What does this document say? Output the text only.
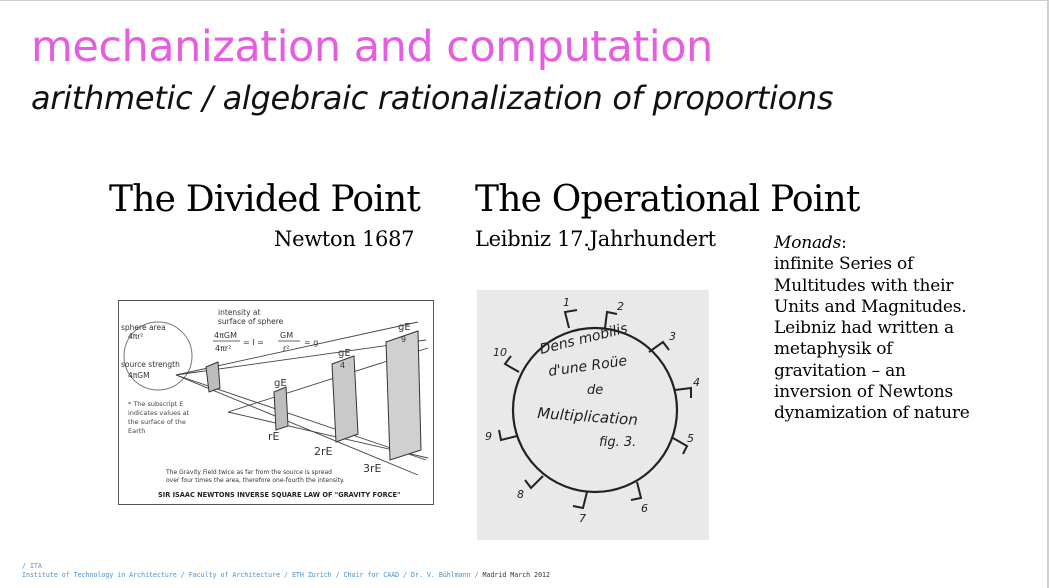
mechanization and computation
arithmetic / algebraic rationalization of proportions
The Divided Point
Newton 1687
The Operational Point
Leibniz 17.Jahrhundert	Monads:
infinite Series of Multitudes with their Units and Magnitudes. Leibniz had written a metaphysik of gravitation – an inversion of Newtons dynamization of nature
sphere area
4πr²
intensity at
surface of sphere
4πGM
4πr²
= I =
GM
r²
= g
source strength
4πGM
* The subscript E
indicates values at
the surface of the
Earth
gE
gE
4
gE
9
rE
2rE
3rE
The Gravity Field twice as far from the source is spread
over four times the area, therefore one-fourth the intensity.
SIR ISAAC NEWTONS INVERSE SQUARE LAW OF "GRAVITY FORCE"
Dens mobilis
d'une Roüe
de
Multiplication
fig. 3.
1	2
3
4
5
6
7
8
9
10
/ ITA
Institute of Technology in Architecture / Faculty of Architecture / ETH Zurich / Chair for CAAD / Dr. V. Bühlmann / Madrid March 2012
